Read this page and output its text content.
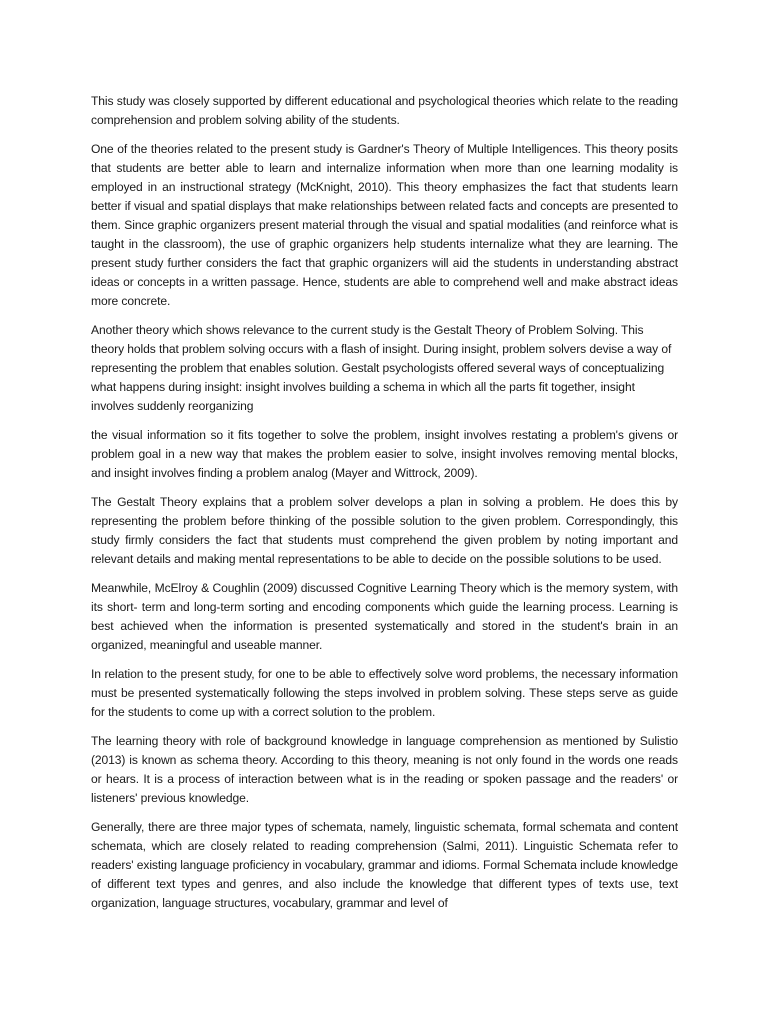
This study was closely supported by different educational and psychological theories which relate to the reading comprehension and problem solving ability of the students.

One of the theories related to the present study is Gardner's Theory of Multiple Intelligences. This theory posits that students are better able to learn and internalize information when more than one learning modality is employed in an instructional strategy (McKnight, 2010). This theory emphasizes the fact that students learn better if visual and spatial displays that make relationships between related facts and concepts are presented to them. Since graphic organizers present material through the visual and spatial modalities (and reinforce what is taught in the classroom), the use of graphic organizers help students internalize what they are learning. The present study further considers the fact that graphic organizers will aid the students in understanding abstract ideas or concepts in a written passage. Hence, students are able to comprehend well and make abstract ideas more concrete.

Another theory which shows relevance to the current study is the Gestalt Theory of Problem Solving. This theory holds that problem solving occurs with a flash of insight. During insight, problem solvers devise a way of representing the problem that enables solution. Gestalt psychologists offered several ways of conceptualizing what happens during insight: insight involves building a schema in which all the parts fit together, insight involves suddenly reorganizing

the visual information so it fits together to solve the problem, insight involves restating a problem's givens or problem goal in a new way that makes the problem easier to solve, insight involves removing mental blocks, and insight involves finding a problem analog (Mayer and Wittrock, 2009).

The Gestalt Theory explains that a problem solver develops a plan in solving a problem. He does this by representing the problem before thinking of the possible solution to the given problem. Correspondingly, this study firmly considers the fact that students must comprehend the given problem by noting important and relevant details and making mental representations to be able to decide on the possible solutions to be used.

Meanwhile, McElroy & Coughlin (2009) discussed Cognitive Learning Theory which is the memory system, with its short- term and long-term sorting and encoding components which guide the learning process. Learning is best achieved when the information is presented systematically and stored in the student's brain in an organized, meaningful and useable manner.

In relation to the present study, for one to be able to effectively solve word problems, the necessary information must be presented systematically following the steps involved in problem solving. These steps serve as guide for the students to come up with a correct solution to the problem.

The learning theory with role of background knowledge in language comprehension as mentioned by Sulistio (2013) is known as schema theory. According to this theory, meaning is not only found in the words one reads or hears. It is a process of interaction between what is in the reading or spoken passage and the readers' or listeners' previous knowledge.

Generally, there are three major types of schemata, namely, linguistic schemata, formal schemata and content schemata, which are closely related to reading comprehension (Salmi, 2011). Linguistic Schemata refer to readers' existing language proficiency in vocabulary, grammar and idioms. Formal Schemata include knowledge of different text types and genres, and also include the knowledge that different types of texts use, text organization, language structures, vocabulary, grammar and level of
